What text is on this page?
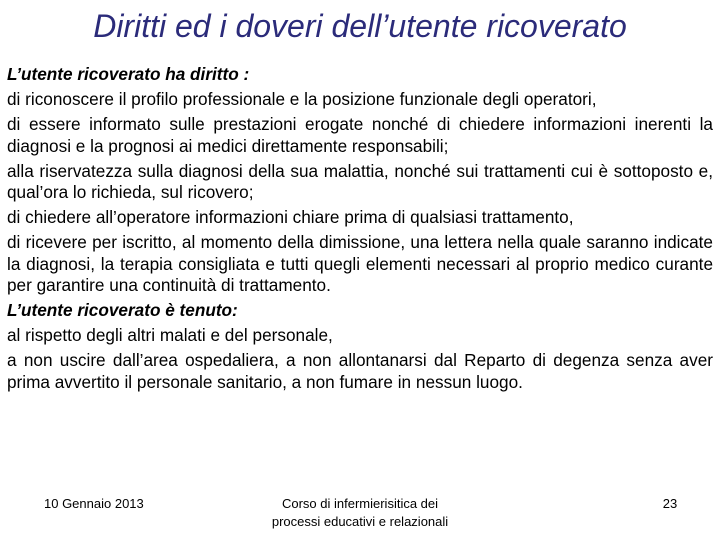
Diritti ed i doveri dell’utente ricoverato

L’utente ricoverato ha diritto :

di riconoscere il profilo professionale e la posizione funzionale degli operatori,

di essere informato sulle prestazioni erogate nonché di chiedere informazioni inerenti la diagnosi e la prognosi ai medici direttamente responsabili;

alla riservatezza sulla diagnosi della sua malattia, nonché sui trattamenti cui è sottoposto e, qual’ora lo richieda, sul ricovero;

di chiedere all’operatore informazioni chiare prima di qualsiasi trattamento,

di ricevere per iscritto, al momento della dimissione, una lettera nella quale saranno indicate la diagnosi, la terapia consigliata e tutti quegli elementi necessari al proprio medico curante per garantire una continuità di trattamento.

L’utente ricoverato è tenuto:

al rispetto degli altri malati e del personale,

a non uscire dall’area ospedaliera, a non allontanarsi dal Reparto di degenza senza aver prima avvertito il personale sanitario, a non fumare in nessun luogo.

10 Gennaio 2013	Corso di infermierisitica dei
processi educativi e relazionali
23
